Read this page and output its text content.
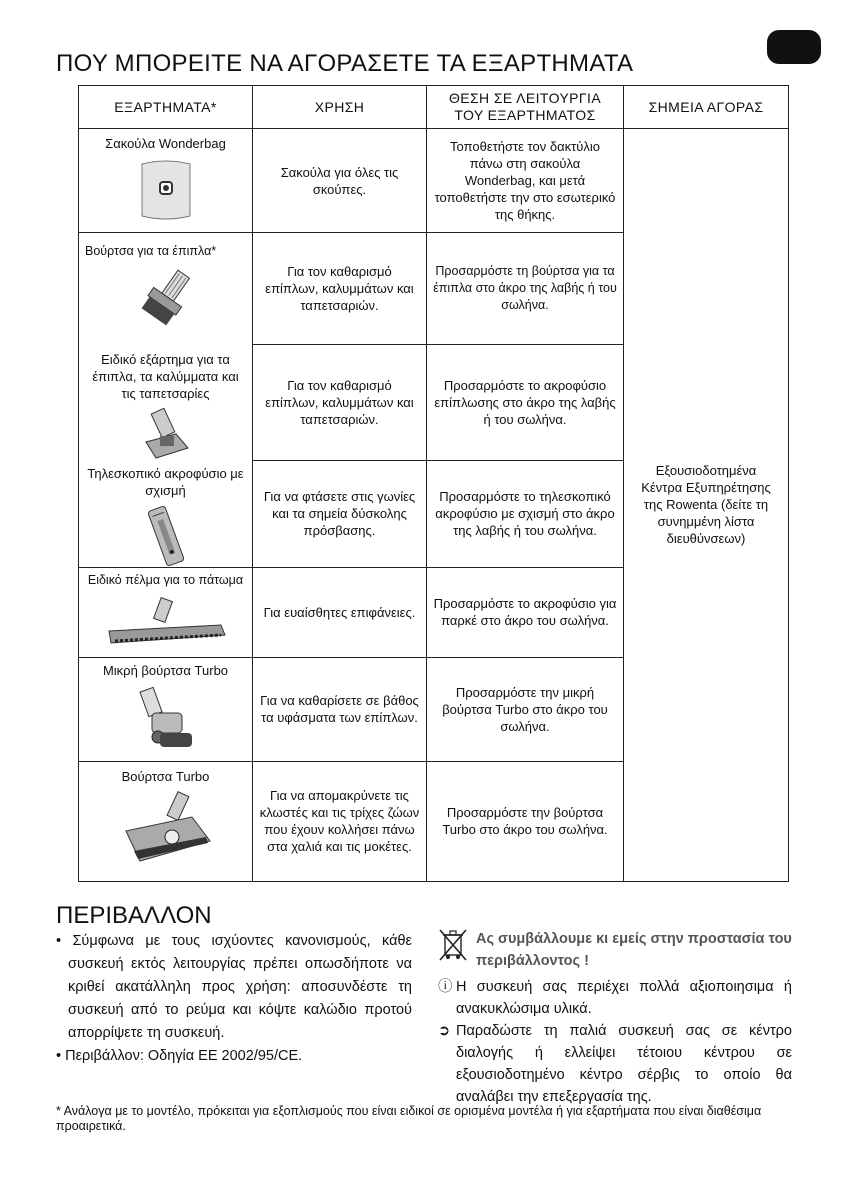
ΠΟΥ ΜΠΟΡΕΙΤΕ ΝΑ ΑΓΟΡΑΣΕΤΕ ΤΑ ΕΞΑΡΤΗΜΑΤΑ
ΕΞΑΡΤΗΜΑΤΑ*	ΧΡΗΣΗ	ΘΕΣΗ ΣΕ ΛΕΙΤΟΥΡΓΙΑ ΤΟΥ ΕΞΑΡΤΗΜΑΤΟΣ	ΣΗΜΕΙΑ ΑΓΟΡΑΣ

Σακούλα Wonderbag	Σακούλα για όλες τις σκούπες.	Τοποθετήστε τον δακτύλιο πάνω στη σακούλα Wonderbag, και μετά τοποθετήστε την στο εσωτερικό της θήκης.	Εξουσιοδοτημένα Κέντρα Εξυπηρέτησης της Rowenta (δείτε τη συνημμένη λίστα διευθύνσεων)

Βούρτσα για τα έπιπλα*	Για τον καθαρισμό επίπλων, καλυμμάτων και ταπετσαριών.	Προσαρμόστε τη βούρτσα για τα έπιπλα στο άκρο της λαβής ή του σωλήνα.	

Ειδικό εξάρτημα για τα έπιπλα, τα καλύμματα και τις ταπετσαρίες	Για τον καθαρισμό επίπλων, καλυμμάτων και ταπετσαριών.	Προσαρμόστε το ακροφύσιο επίπλωσης στο άκρο της λαβής ή του σωλήνα.	

Τηλεσκοπικό ακροφύσιο με σχισμή	Για να φτάσετε στις γωνίες και τα σημεία δύσκολης πρόσβασης.	Προσαρμόστε το τηλεσκοπικό ακροφύσιο με σχισμή στο άκρο της λαβής ή του σωλήνα.	

Ειδικό πέλμα για το πάτωμα	Για ευαίσθητες επιφάνειες.	Προσαρμόστε το ακροφύσιο για παρκέ στο άκρο του σωλήνα.	

Μικρή βούρτσα Turbo	Για να καθαρίσετε σε βάθος τα υφάσματα των επίπλων.	Προσαρμόστε την μικρή βούρτσα Turbo στο άκρο του σωλήνα.	

Βούρτσα Turbo	Για να απομακρύνετε τις κλωστές και τις τρίχες ζώων που έχουν κολλήσει πάνω στα χαλιά και τις μοκέτες.	Προσαρμόστε την βούρτσα Turbo στο άκρο του σωλήνα.	
ΠΕΡΙΒΑΛΛΟΝ

• Σύμφωνα με τους ισχύοντες κανονισμούς, κάθε συσκευή εκτός λειτουργίας πρέπει οπωσδήποτε να κριθεί ακατάλληλη προς χρήση: αποσυνδέστε τη συσκευή από το ρεύμα και κόψτε καλώδιο προτού απορρίψετε τη συσκευή.

• Περιβάλλον: Οδηγία ΕΕ 2002/95/CE.

Ας συμβάλλουμε κι εμείς στην προστασία του περιβάλλοντος !

ⓘ Η συσκευή σας περιέχει πολλά αξιοποιησιμα ή ανακυκλώσιμα υλικά.

➲ Παραδώστε τη παλιά συσκευή σας σε κέντρο διαλογής ή ελλείψει τέτοιου κέντρου σε εξουσιοδοτημένο κέντρο σέρβις το οποίο θα αναλάβει την επεξεργασία της.

* Ανάλογα με το μοντέλο, πρόκειται για εξοπλισμούς που είναι ειδικοί σε ορισμένα μοντέλα ή για εξαρτήματα που είναι διαθέσιμα προαιρετικά.
